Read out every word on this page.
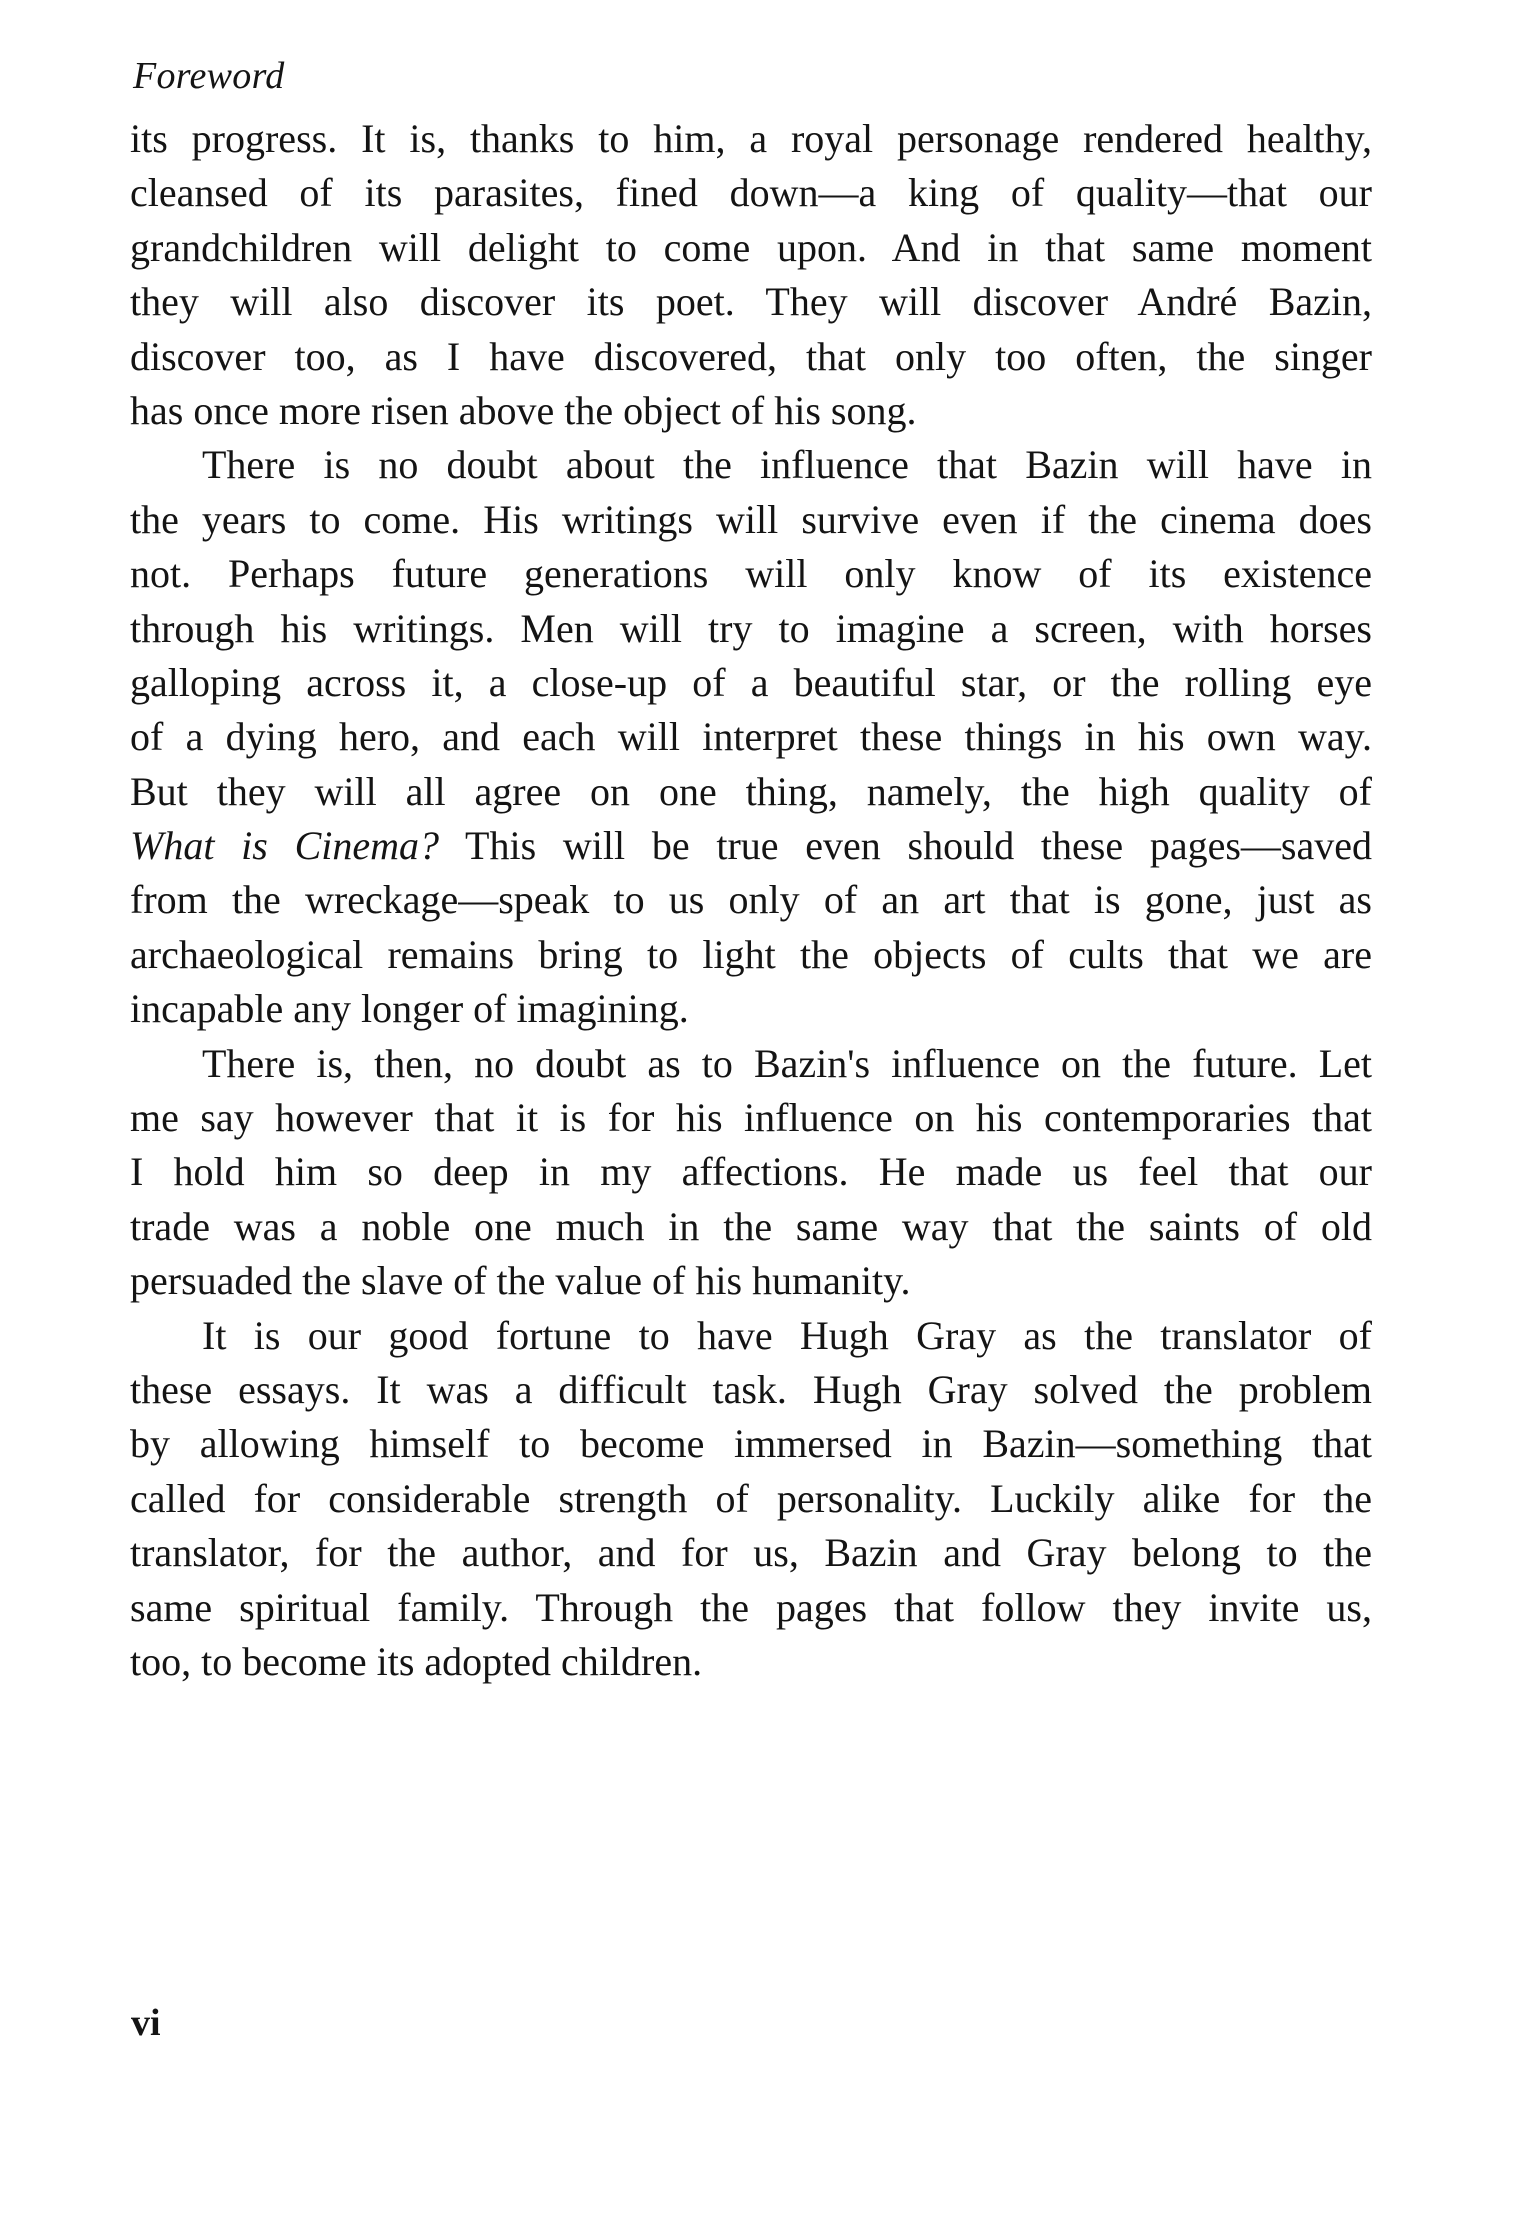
Foreword
its progress. It is, thanks to him, a royal personage rendered healthy,
cleansed of its parasites, fined down—a king of quality—that our
grandchildren will delight to come upon. And in that same moment
they will also discover its poet. They will discover André Bazin,
discover too, as I have discovered, that only too often, the singer
has once more risen above the object of his song.
There is no doubt about the influence that Bazin will have in
the years to come. His writings will survive even if the cinema does
not. Perhaps future generations will only know of its existence
through his writings. Men will try to imagine a screen, with horses
galloping across it, a close-up of a beautiful star, or the rolling eye
of a dying hero, and each will interpret these things in his own way.
But they will all agree on one thing, namely, the high quality of
What is Cinema? This will be true even should these pages—saved
from the wreckage—speak to us only of an art that is gone, just as
archaeological remains bring to light the objects of cults that we are
incapable any longer of imagining.
There is, then, no doubt as to Bazin's influence on the future. Let
me say however that it is for his influence on his contemporaries that
I hold him so deep in my affections. He made us feel that our
trade was a noble one much in the same way that the saints of old
persuaded the slave of the value of his humanity.
It is our good fortune to have Hugh Gray as the translator of
these essays. It was a difficult task. Hugh Gray solved the problem
by allowing himself to become immersed in Bazin—something that
called for considerable strength of personality. Luckily alike for the
translator, for the author, and for us, Bazin and Gray belong to the
same spiritual family. Through the pages that follow they invite us,
too, to become its adopted children.
vi
